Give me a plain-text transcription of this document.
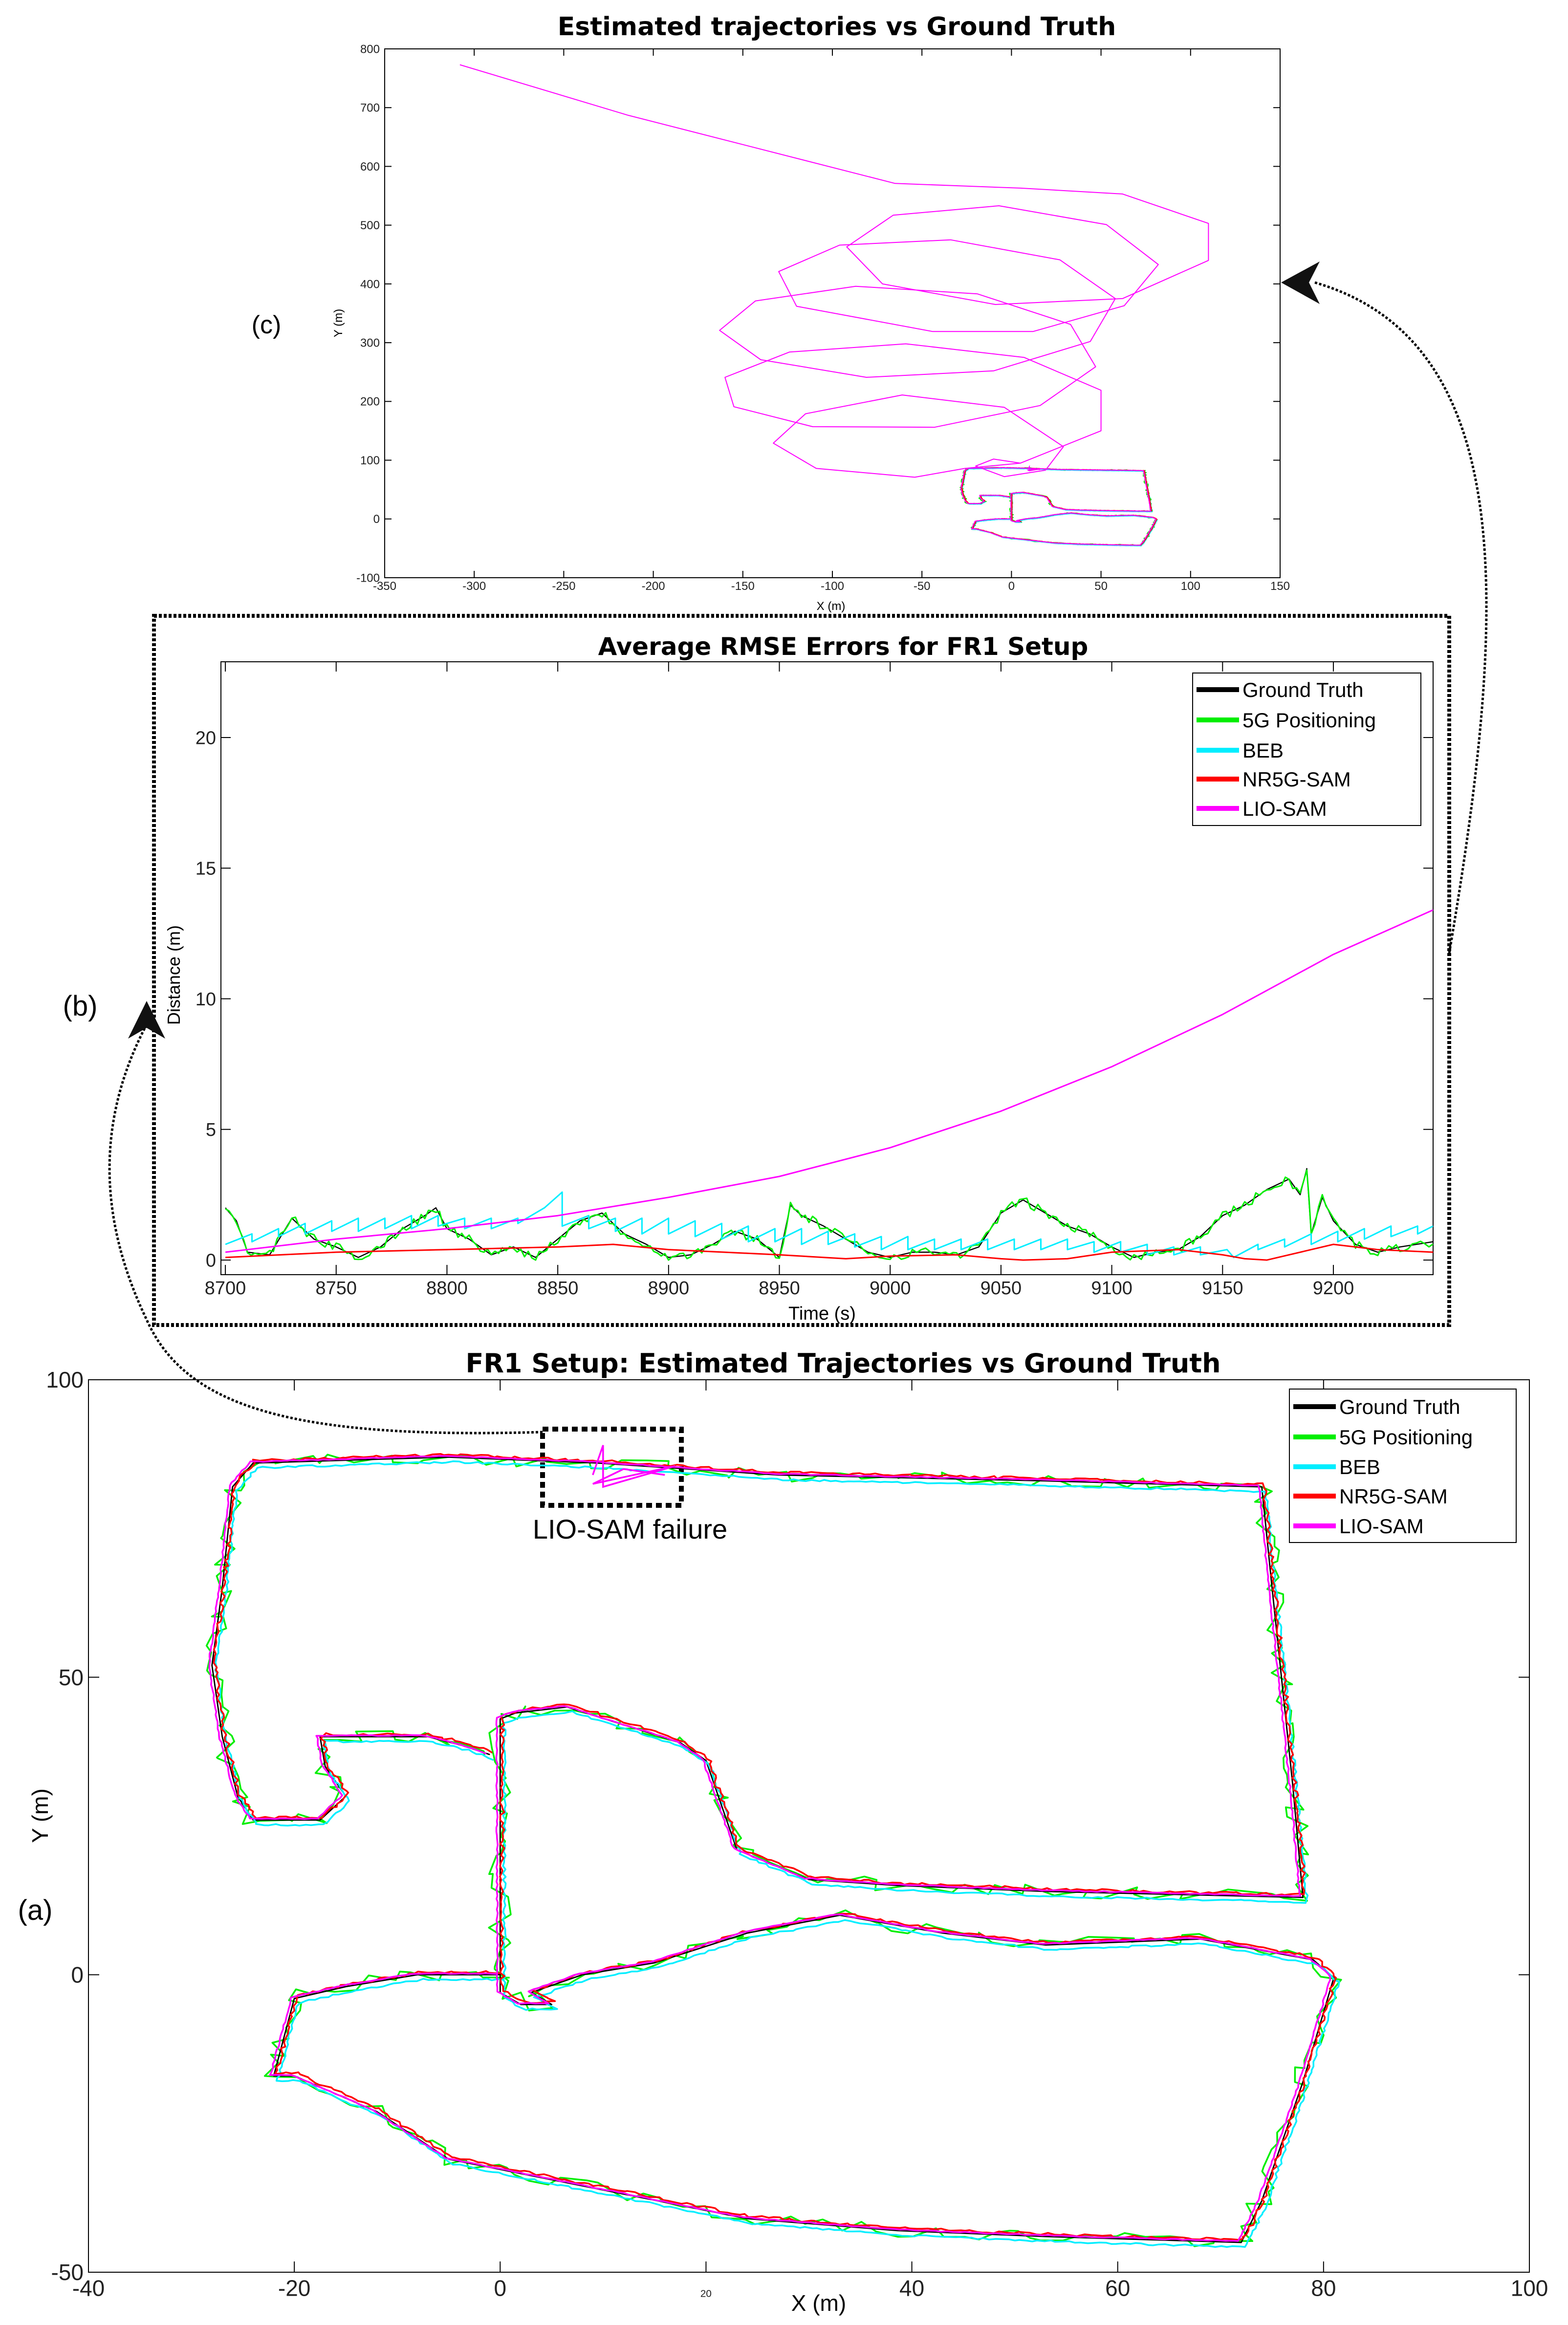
Estimated trajectories vs Ground Truth
X (m)
Y (m)
(c)
-350	-300	-250	-200	-150	-100	-50	0	50	100	150
-100
0
100
200
300
400
500
600
700
800
Average RMSE Errors for FR1 Setup
Time (s)
Distance (m)
(b)
8700	8750	8800	8850	8900	8950	9000	9050	9100	9150	9200
0
5
10
15
20
Ground Truth
5G Positioning
BEB
NR5G-SAM
LIO-SAM
FR1 Setup: Estimated Trajectories vs Ground Truth
X (m)
Y (m)
(a)
LIO-SAM failure
-40	-20	0	20	40	60	80	100
-50
0
50
100
Ground Truth
5G Positioning
BEB
NR5G-SAM
LIO-SAM
